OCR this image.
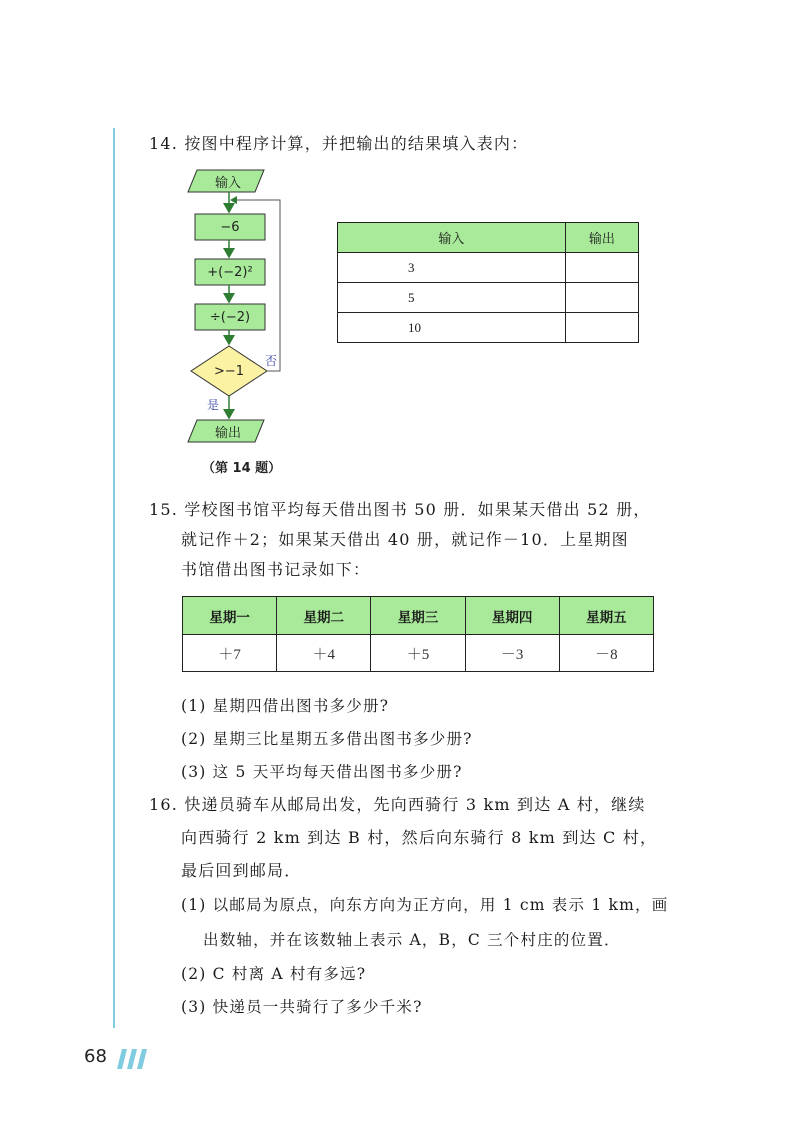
14. 按图中程序计算，并把输出的结果填入表内：
输入
−6
+(−2)²
÷(−2)
>−1
否
是
输出
（第 14 题）
输入	输出
3	
5	
10	
15. 学校图书馆平均每天借出图书 50 册．如果某天借出 52 册，
就记作＋2；如果某天借出 40 册，就记作－10．上星期图
书馆借出图书记录如下：
星期一	星期二	星期三	星期四	星期五
＋7	＋4	＋5	－3	－8
(1) 星期四借出图书多少册?
(2) 星期三比星期五多借出图书多少册?
(3) 这 5 天平均每天借出图书多少册?
16. 快递员骑车从邮局出发，先向西骑行 3 km 到达 A 村，继续
向西骑行 2 km 到达 B 村，然后向东骑行 8 km 到达 C 村，
最后回到邮局．
(1) 以邮局为原点，向东方向为正方向，用 1 cm 表示 1 km，画
出数轴，并在该数轴上表示 A，B，C 三个村庄的位置．
(2) C 村离 A 村有多远?
(3) 快递员一共骑行了多少千米?
68
